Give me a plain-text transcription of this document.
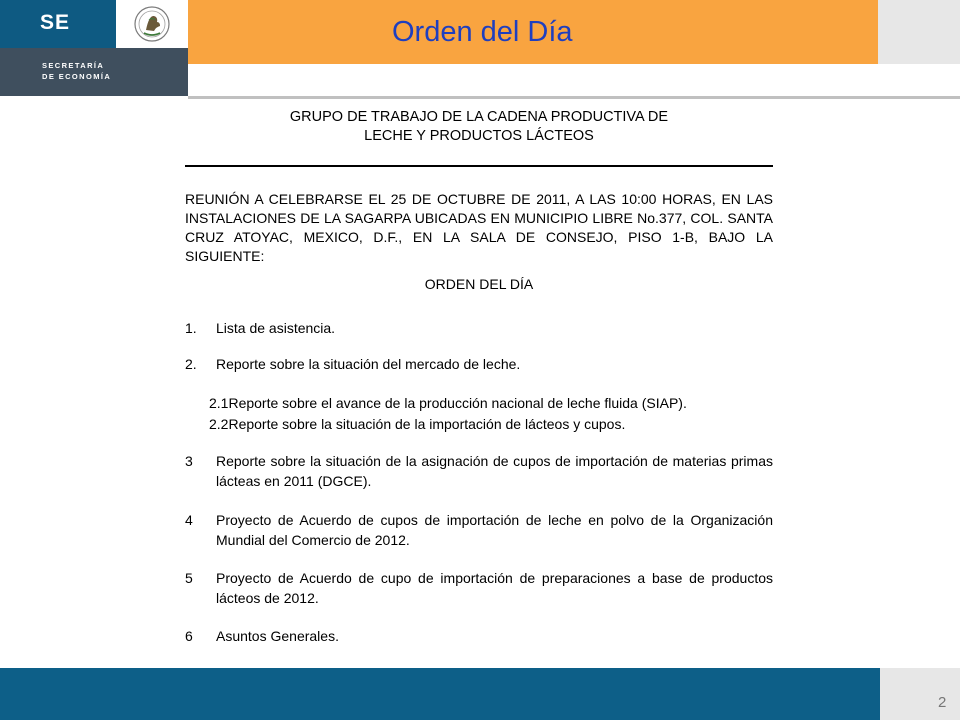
SE
SECRETARÍA
DE ECONOMÍA
Orden del Día
GRUPO DE TRABAJO DE LA CADENA PRODUCTIVA DE
LECHE Y PRODUCTOS LÁCTEOS
REUNIÓN A CELEBRARSE EL 25 DE OCTUBRE DE 2011, A LAS 10:00 HORAS, EN LAS INSTALACIONES DE LA SAGARPA UBICADAS EN MUNICIPIO LIBRE No.377, COL. SANTA CRUZ ATOYAC, MEXICO, D.F., EN LA SALA DE CONSEJO, PISO 1-B, BAJO LA SIGUIENTE:
ORDEN DEL DÍA
1. Lista de asistencia.
2. Reporte sobre la situación del mercado de leche.
2.1Reporte sobre el avance de la producción nacional de leche fluida (SIAP).
2.2Reporte sobre la situación de la importación de lácteos y cupos.
3 Reporte sobre la situación de la asignación de cupos de importación de materias primas lácteas en 2011 (DGCE).
4 Proyecto de Acuerdo de cupos de importación de leche en polvo de la Organización Mundial del Comercio de 2012.
5 Proyecto de Acuerdo de cupo de importación de preparaciones a base de productos lácteos de 2012.
6 Asuntos Generales.
2
